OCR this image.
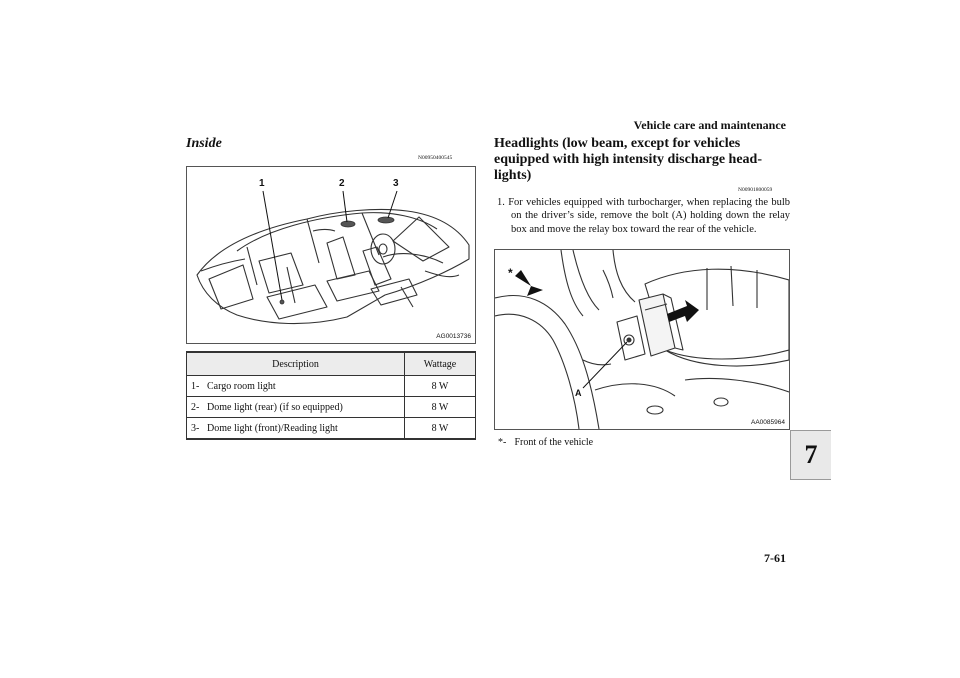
Vehicle care and maintenance
Inside
N00950400545
1	2	3
AG0013736
Description	Wattage
1- Cargo room light	8 W
2- Dome light (rear) (if so equipped)	8 W
3- Dome light (front)/Reading light	8 W
Headlights (low beam, except for vehicles equipped with high intensity discharge head-lights)
N00901800059
1. For vehicles equipped with turbocharger, when replacing the bulb on the driver’s side, remove the bolt (A) holding down the relay box and move the relay box toward the rear of the vehicle.
A
*
AA0085964
*- Front of the vehicle	7
7-61
